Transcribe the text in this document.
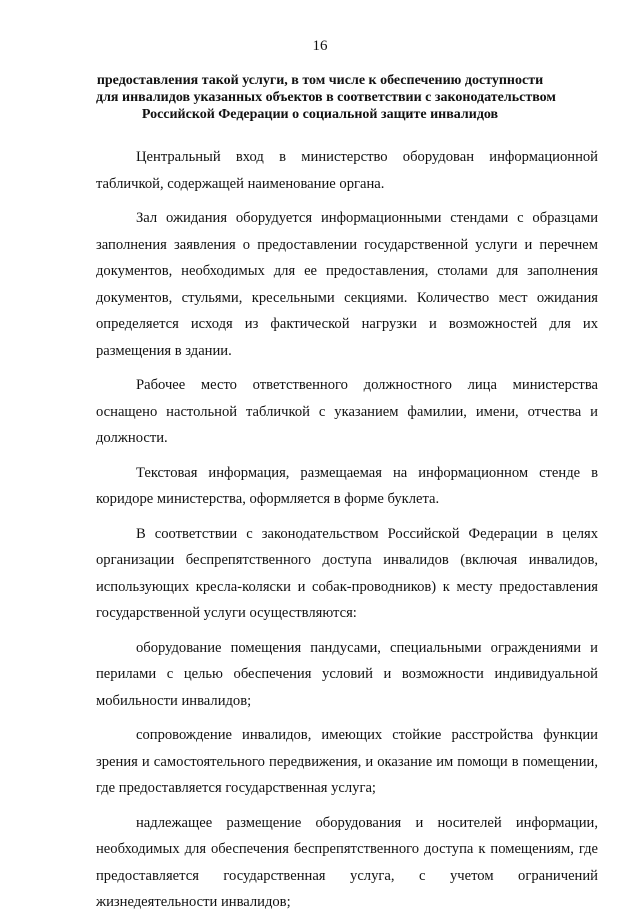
16
предоставления такой услуги, в том числе к обеспечению доступности
для инвалидов указанных объектов в соответствии с законодательством
Российской Федерации о социальной защите инвалидов

Центральный вход в министерство оборудован информационной табличкой, содержащей наименование органа.

Зал ожидания оборудуется информационными стендами с образцами заполнения заявления о предоставлении государственной услуги и перечнем документов, необходимых для ее предоставления, столами для заполнения документов, стульями, кресельными секциями. Количество мест ожидания определяется исходя из фактической нагрузки и возможностей для их размещения в здании.

Рабочее место ответственного должностного лица министерства оснащено настольной табличкой с указанием фамилии, имени, отчества и должности.

Текстовая информация, размещаемая на информационном стенде в коридоре министерства, оформляется в форме буклета.

В соответствии с законодательством Российской Федерации в целях организации беспрепятственного доступа инвалидов (включая инвалидов, использующих кресла-коляски и собак-проводников) к месту предоставления государственной услуги осуществляются:

оборудование помещения пандусами, специальными ограждениями и перилами с целью обеспечения условий и возможности индивидуальной мобильности инвалидов;

сопровождение инвалидов, имеющих стойкие расстройства функции зрения и самостоятельного передвижения, и оказание им помощи в помещении, где предоставляется государственная услуга;

надлежащее размещение оборудования и носителей информации, необходимых для обеспечения беспрепятственного доступа к помещениям, где предоставляется государственная услуга, с учетом ограничений жизнедеятельности инвалидов;
